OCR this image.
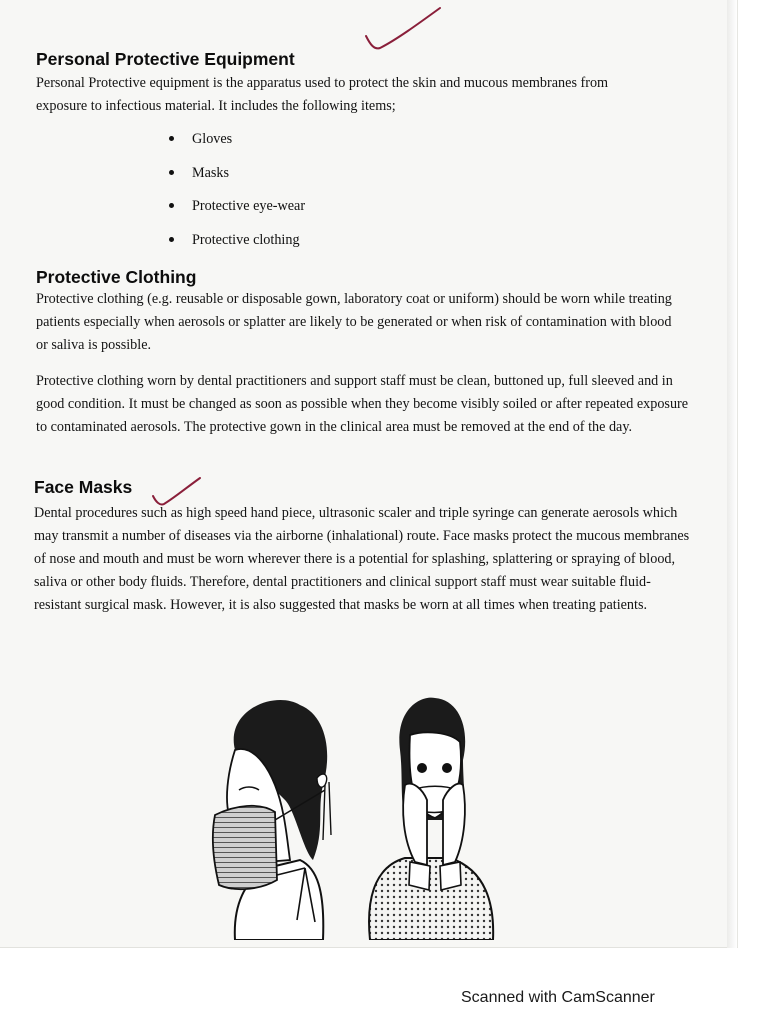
Personal Protective Equipment

Personal Protective equipment is the apparatus used to protect the skin and mucous membranes from exposure to infectious material. It includes the following items;

Gloves
Masks
Protective eye-wear
Protective clothing
Protective Clothing

Protective clothing (e.g. reusable or disposable gown, laboratory coat or uniform) should be worn while treating patients especially when aerosols or splatter are likely to be generated or when risk of contamination with blood or saliva is possible.

Protective clothing worn by dental practitioners and support staff must be clean, buttoned up, full sleeved and in good condition. It must be changed as soon as possible when they become visibly soiled or after repeated exposure to contaminated aerosols. The protective gown in the clinical area must be removed at the end of the day.

Face Masks

Dental procedures such as high speed hand piece, ultrasonic scaler and triple syringe can generate aerosols which may transmit a number of diseases via the airborne (inhalational) route. Face masks protect the mucous membranes of nose and mouth and must be worn wherever there is a potential for splashing, splattering or spraying of blood, saliva or other body fluids. Therefore, dental practitioners and clinical support staff must wear suitable fluid-resistant surgical mask. However, it is also suggested that masks be worn at all times when treating patients.

Scanned with CamScanner
